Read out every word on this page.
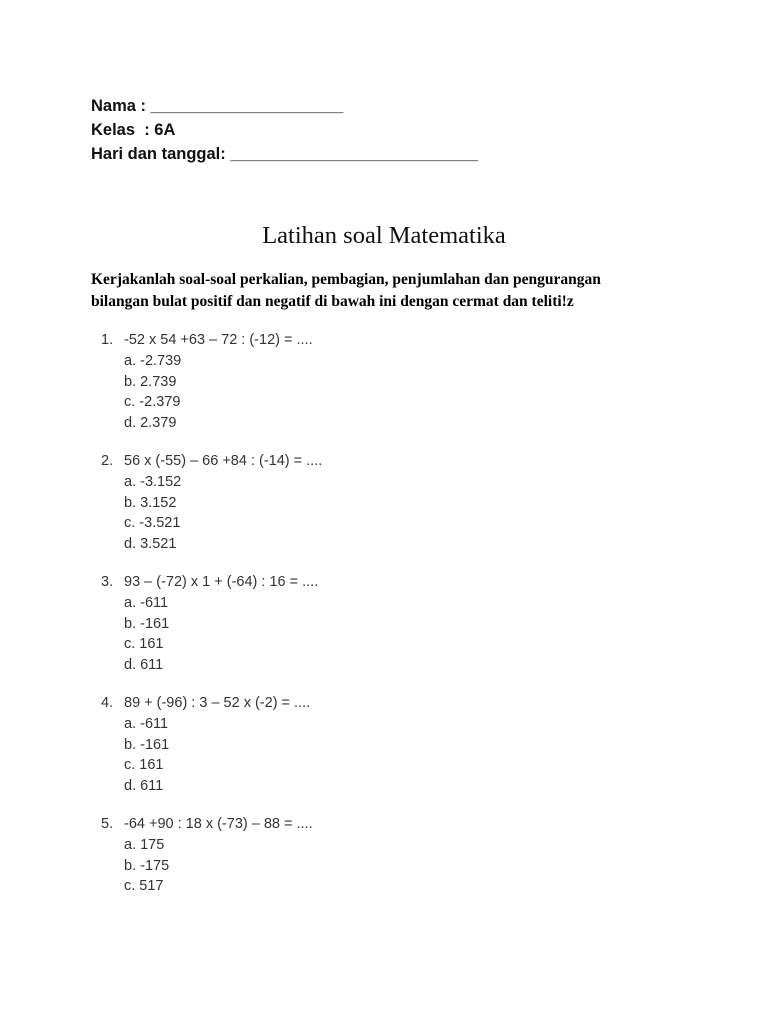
Nama : _____________________
Kelas  : 6A
Hari dan tanggal: ___________________________
Latihan soal Matematika
Kerjakanlah soal-soal perkalian, pembagian, penjumlahan dan pengurangan
bilangan bulat positif dan negatif di bawah ini dengan cermat dan teliti!z
1. -52 x 54 +63 – 72 : (-12) = ....
a. -2.739
b. 2.739
c. -2.379
d. 2.379
2. 56 x (-55) – 66 +84 : (-14) = ....
a. -3.152
b. 3.152
c. -3.521
d. 3.521
3. 93 – (-72) x 1 + (-64) : 16 = ....
a. -611
b. -161
c. 161
d. 611
4. 89 + (-96) : 3 – 52 x (-2) = ....
a. -611
b. -161
c. 161
d. 611
5. -64 +90 : 18 x (-73) – 88 = ....
a. 175
b. -175
c. 517
